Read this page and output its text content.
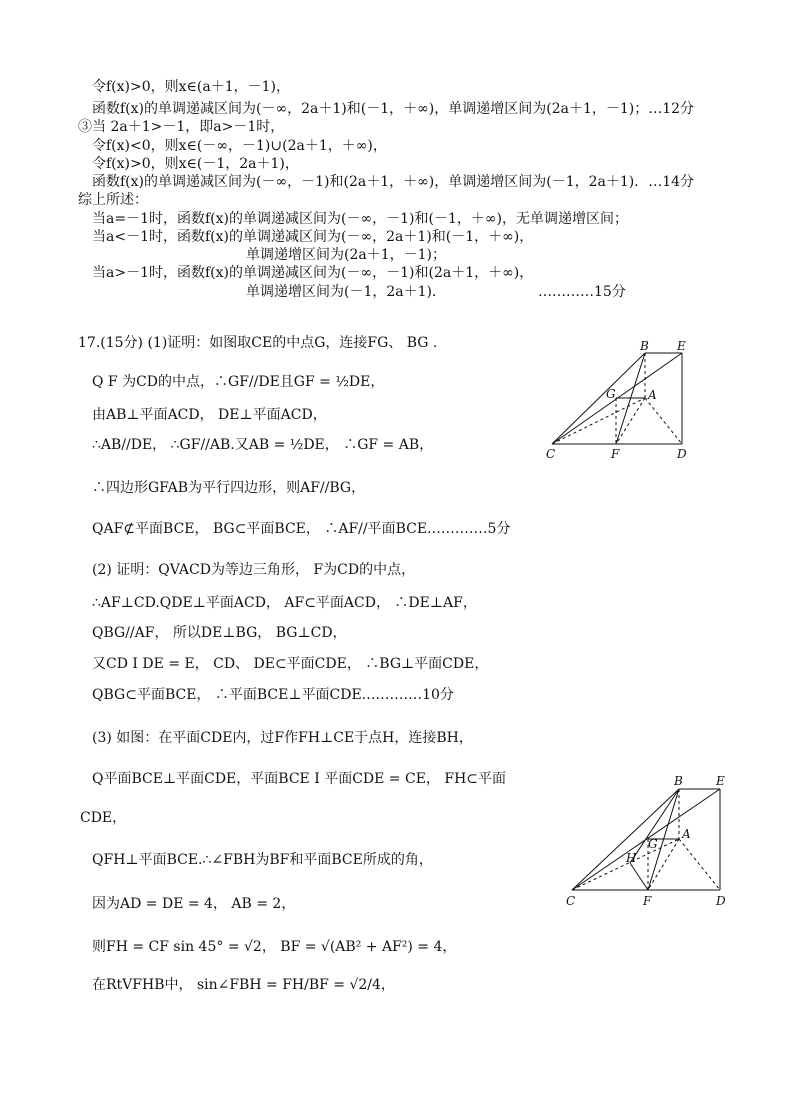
令f(x)>0，则x∈(a＋1，－1)，
函数f(x)的单调递减区间为(－∞，2a＋1)和(－1，＋∞)，单调递增区间为(2a＋1，－1)；…12分
③当 2a＋1>－1，即a>－1时，
令f(x)<0，则x∈(－∞，－1)∪(2a＋1，＋∞)，
令f(x)>0，则x∈(－1，2a＋1)，
函数f(x)的单调递减区间为(－∞，－1)和(2a＋1，＋∞)，单调递增区间为(－1，2a＋1)．…14分
综上所述：
当a=－1时，函数f(x)的单调递减区间为(－∞，－1)和(－1，＋∞)，无单调递增区间；
当a<－1时，函数f(x)的单调递减区间为(－∞，2a＋1)和(－1，＋∞)，
单调递增区间为(2a＋1，－1)；
当a>－1时，函数f(x)的单调递减区间为(－∞，－1)和(2a＋1，＋∞)，
单调递增区间为(－1，2a＋1)．	…………15分
17.(15分) (1)证明：如图取CE的中点G，连接FG、 BG .
Q F 为CD的中点，∴GF//DE且GF = ½DE，
由AB⊥平面ACD， DE⊥平面ACD，
∴AB//DE， ∴GF//AB.又AB = ½DE， ∴GF = AB，
∴四边形GFAB为平行四边形，则AF//BG，
QAF⊄平面BCE， BG⊂平面BCE， ∴AF//平面BCE.…………5分
(2) 证明：QVACD为等边三角形， F为CD的中点，
∴AF⊥CD.QDE⊥平面ACD， AF⊂平面ACD， ∴DE⊥AF，
QBG//AF， 所以DE⊥BG， BG⊥CD，
又CD I DE = E， CD、 DE⊂平面CDE， ∴BG⊥平面CDE，
QBG⊂平面BCE， ∴平面BCE⊥平面CDE.…………10分
(3) 如图：在平面CDE内，过F作FH⊥CE于点H，连接BH，
Q平面BCE⊥平面CDE，平面BCE I 平面CDE = CE， FH⊂平面
CDE，
QFH⊥平面BCE.∴∠FBH为BF和平面BCE所成的角，
因为AD = DE = 4， AB = 2，
则FH = CF sin 45° = √2， BF = √(AB² + AF²) = 4，
在RtVFHB中， sin∠FBH = FH/BF = √2/4，
B E
G	A
C	F	D
B	E
G
A
H
C	F	D
